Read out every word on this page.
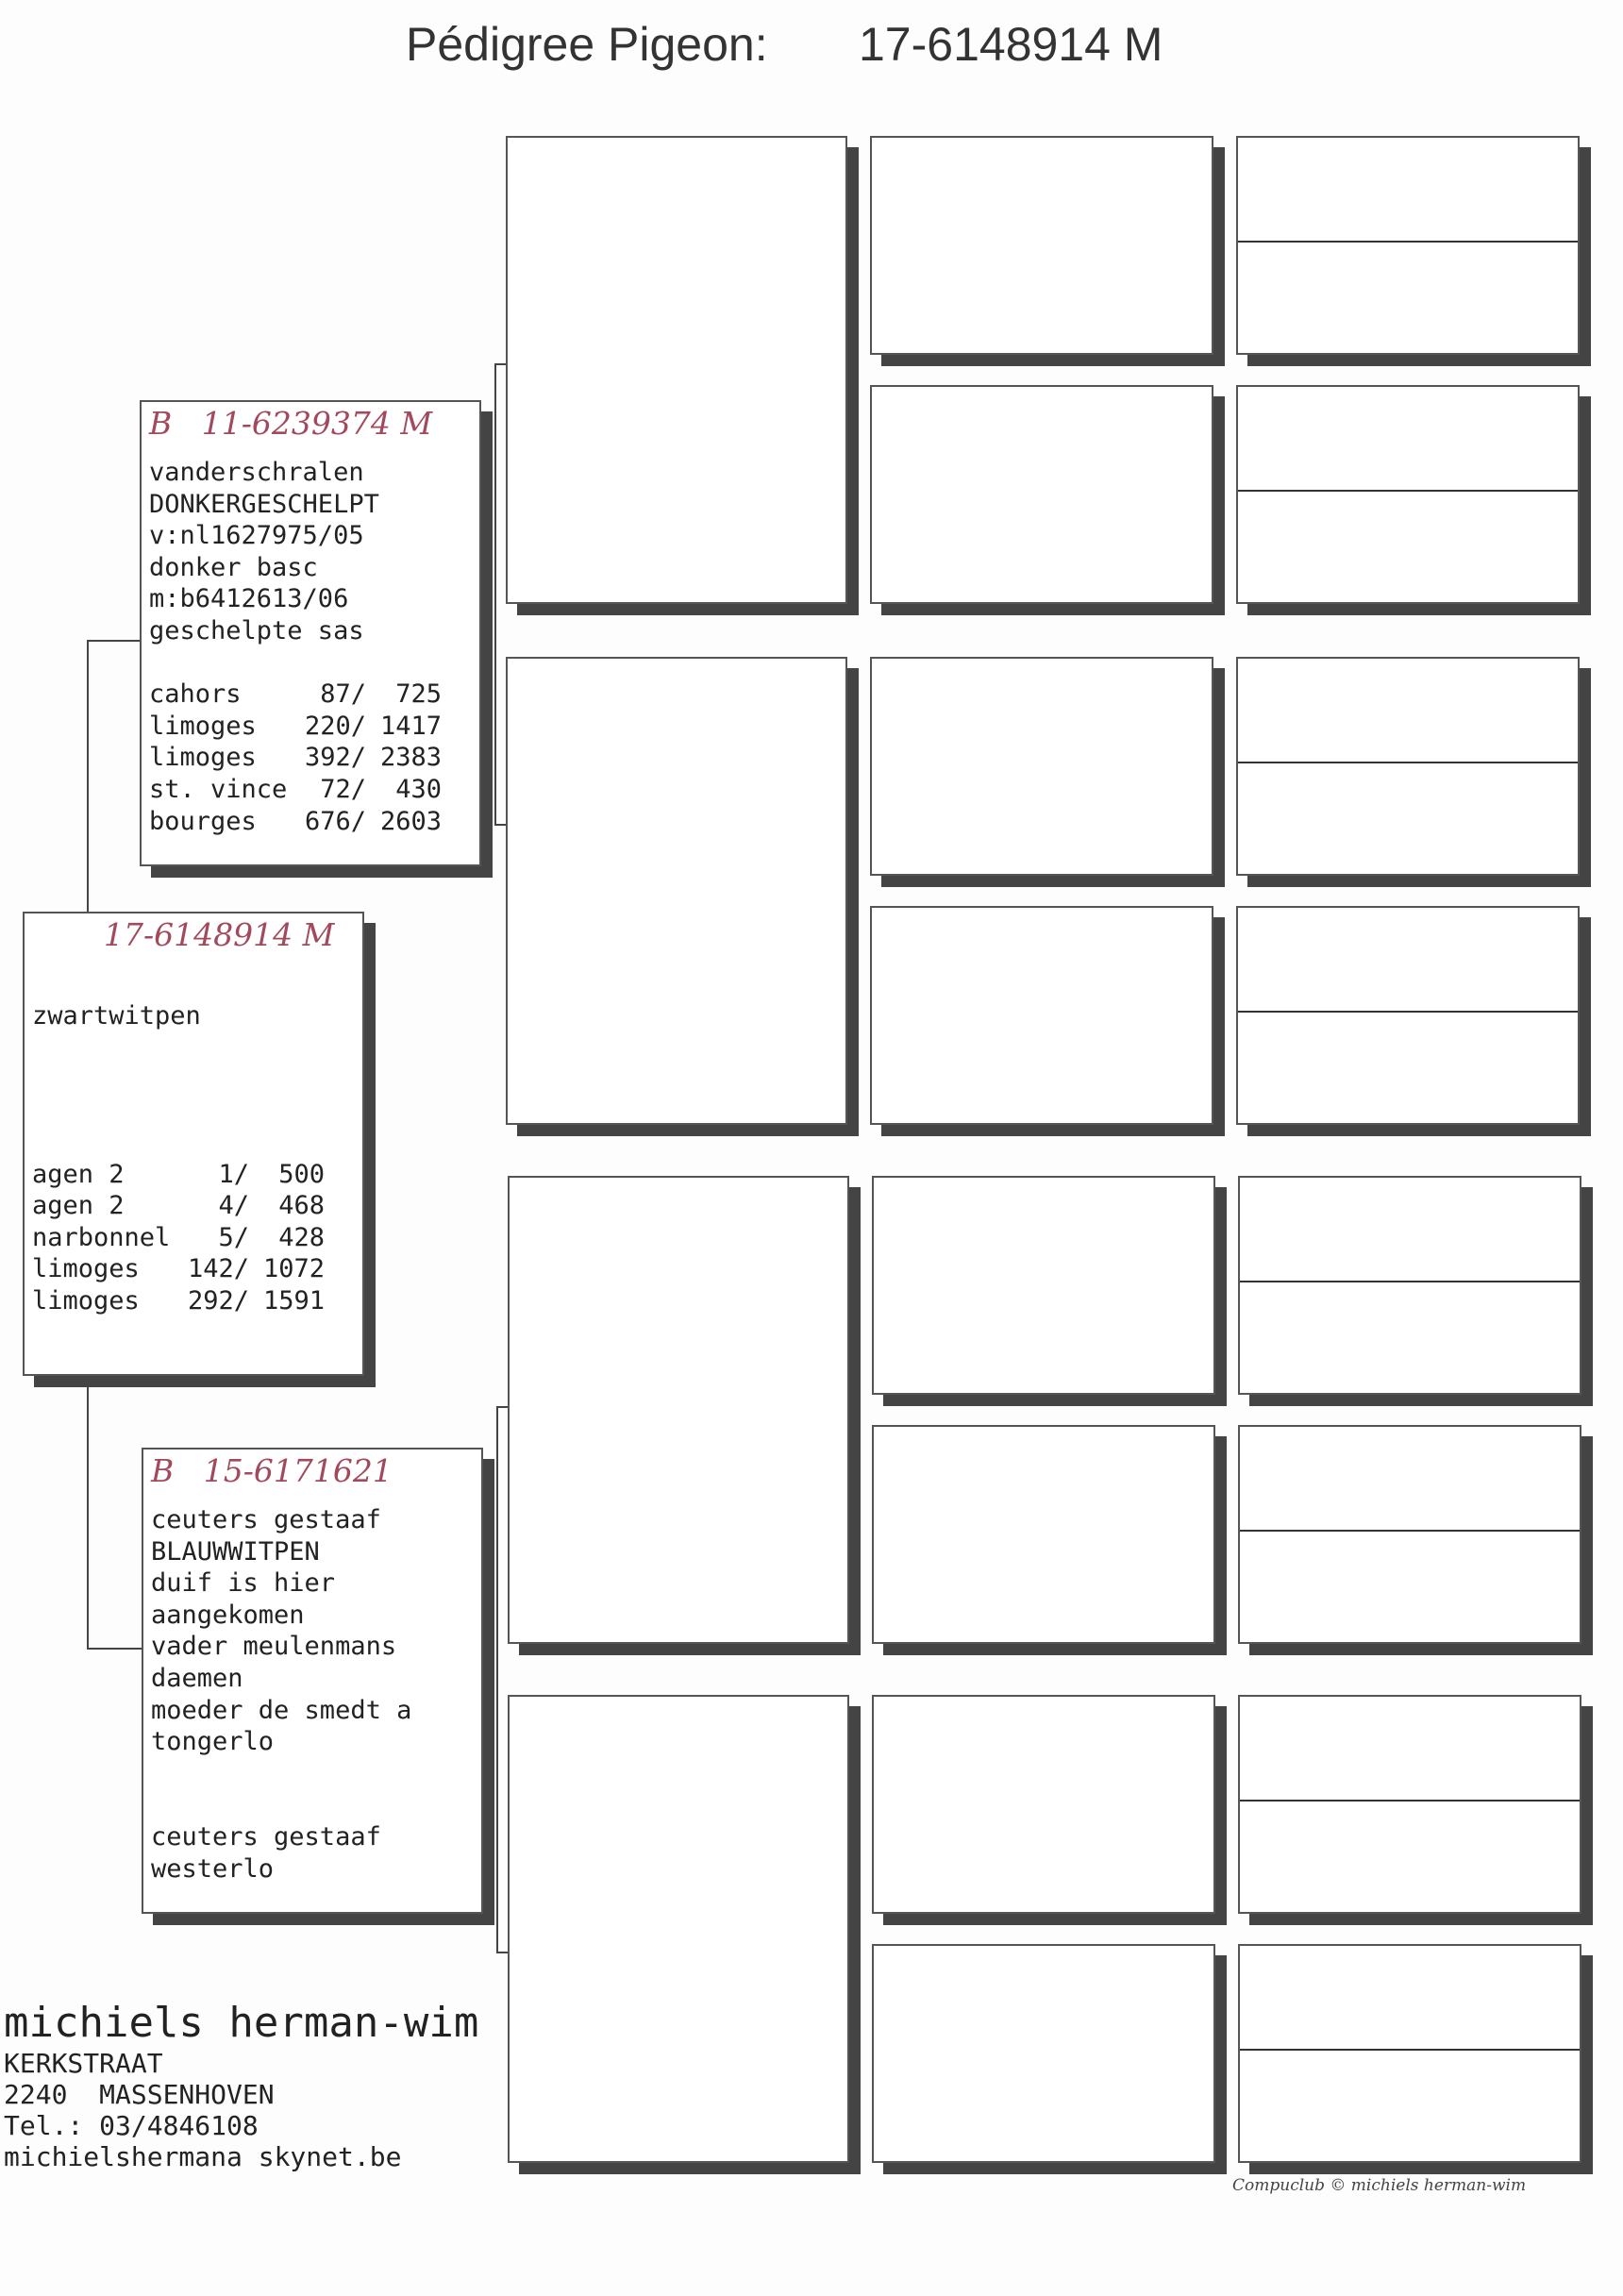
Pédigree Pigeon: 17-6148914 M
17-6148914 M
zwartwitpen
agen 2	1/	500
agen 2	4/	468
narbonnel	5/	428
limoges	142/ 1072
limoges	292/ 1591
B   11-6239374 M
vanderschralen
DONKERGESCHELPT
v:nl1627975/05
donker basc
m:b6412613/06
geschelpte sas
cahors	87/	725
limoges	220/ 1417
limoges	392/ 2383
st. vince	72/	430
bourges	676/ 2603
B   15-6171621
ceuters gestaaf
BLAUWWITPEN
duif is hier
aangekomen
vader meulenmans
daemen
moeder de smedt a
tongerlo
ceuters gestaaf
westerlo
michiels herman-wim
KERKSTRAAT
2240  MASSENHOVEN
Tel.: 03/4846108
michielshermana skynet.be
Compuclub © michiels herman-wim
